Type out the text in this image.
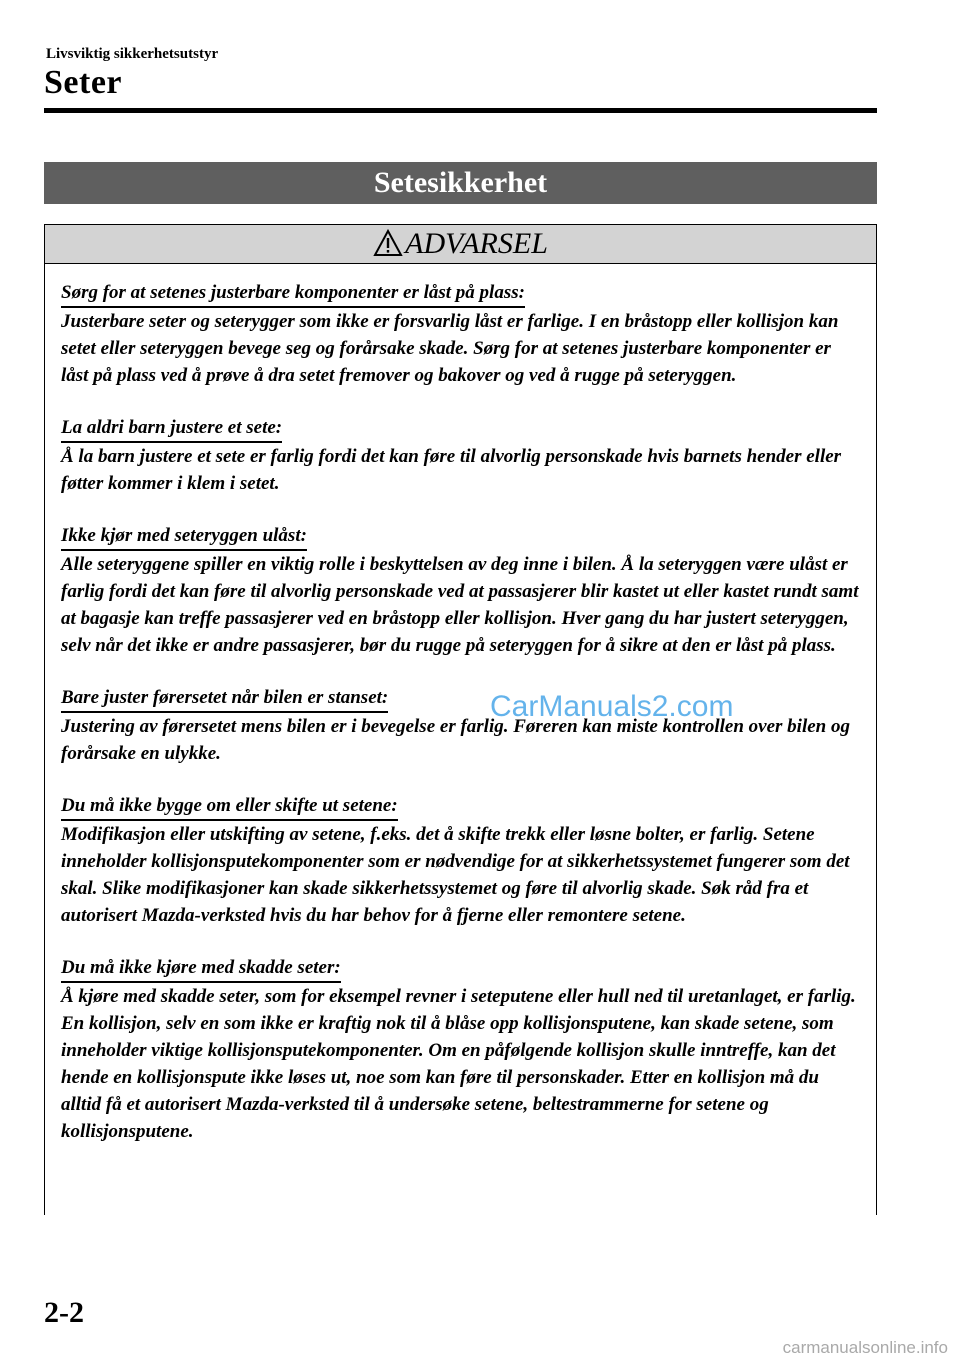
Livsviktig sikkerhetsutstyr
Seter
Setesikkerhet
ADVARSEL
Sørg for at setenes justerbare komponenter er låst på plass:

Justerbare seter og seterygger som ikke er forsvarlig låst er farlige. I en bråstopp eller kollisjon kan setet eller seteryggen bevege seg og forårsake skade. Sørg for at setenes justerbare komponenter er låst på plass ved å prøve å dra setet fremover og bakover og ved å rugge på seteryggen.

La aldri barn justere et sete:

Å la barn justere et sete er farlig fordi det kan føre til alvorlig personskade hvis barnets hender eller føtter kommer i klem i setet.

Ikke kjør med seteryggen ulåst:

Alle seteryggene spiller en viktig rolle i beskyttelsen av deg inne i bilen. Å la seteryggen være ulåst er farlig fordi det kan føre til alvorlig personskade ved at passasjerer blir kastet ut eller kastet rundt samt at bagasje kan treffe passasjerer ved en bråstopp eller kollisjon. Hver gang du har justert seteryggen, selv når det ikke er andre passasjerer, bør du rugge på seteryggen for å sikre at den er låst på plass.

Bare juster førersetet når bilen er stanset:

Justering av førersetet mens bilen er i bevegelse er farlig. Føreren kan miste kontrollen over bilen og forårsake en ulykke.

Du må ikke bygge om eller skifte ut setene:

Modifikasjon eller utskifting av setene, f.eks. det å skifte trekk eller løsne bolter, er farlig. Setene inneholder kollisjonsputekomponenter som er nødvendige for at sikkerhetssystemet fungerer som det skal. Slike modifikasjoner kan skade sikkerhetssystemet og føre til alvorlig skade. Søk råd fra et autorisert Mazda-verksted hvis du har behov for å fjerne eller remontere setene.

Du må ikke kjøre med skadde seter:

Å kjøre med skadde seter, som for eksempel revner i seteputene eller hull ned til uretanlaget, er farlig. En kollisjon, selv en som ikke er kraftig nok til å blåse opp kollisjonsputene, kan skade setene, som inneholder viktige kollisjonsputekomponenter. Om en påfølgende kollisjon skulle inntreffe, kan det hende en kollisjonspute ikke løses ut, noe som kan føre til personskader. Etter en kollisjon må du alltid få et autorisert Mazda-verksted til å undersøke setene, beltestrammerne for setene og kollisjonsputene.

CarManuals2.com
2-2
carmanualsonline.info
